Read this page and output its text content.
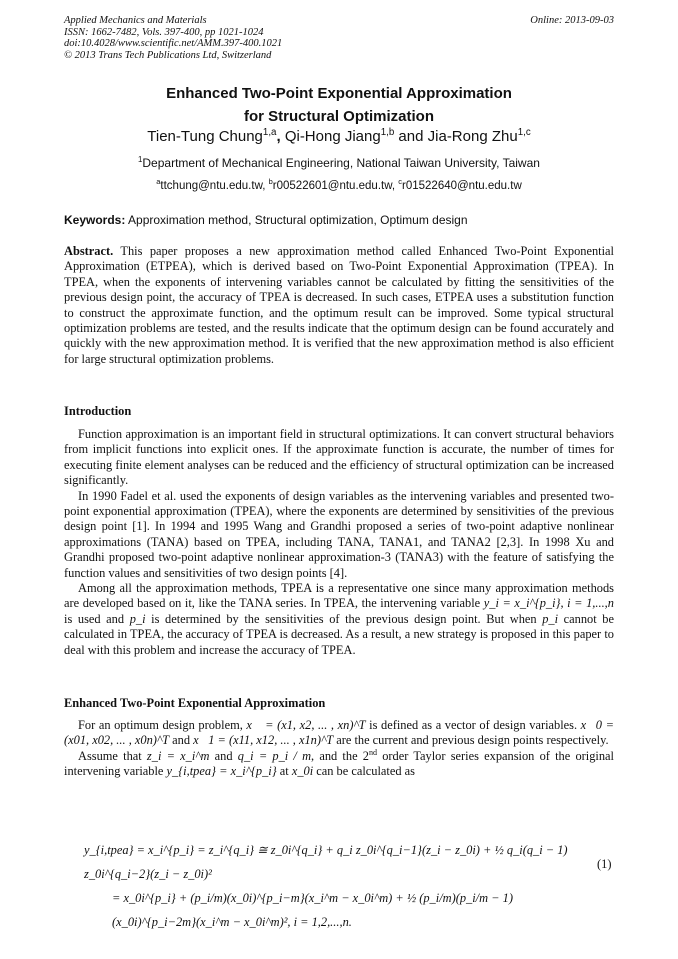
Applied Mechanics and Materials
ISSN: 1662-7482, Vols. 397-400, pp 1021-1024
doi:10.4028/www.scientific.net/AMM.397-400.1021
© 2013 Trans Tech Publications Ltd, Switzerland
Online: 2013-09-03
Enhanced Two-Point Exponential Approximation
for Structural Optimization
Tien-Tung Chung$^{1,a}$, Qi-Hong Jiang$^{1,b}$ and Jia-Rong Zhu$^{1,c}$
$^1$Department of Mechanical Engineering, National Taiwan University, Taiwan
$^a$ttchung@ntu.edu.tw, $^b$r00522601@ntu.edu.tw, $^c$r01522640@ntu.edu.tw
Keywords: Approximation method, Structural optimization, Optimum design

Abstract. This paper proposes a new approximation method called Enhanced Two-Point Exponential Approximation (ETPEA), which is derived based on Two-Point Exponential Approximation (TPEA). In TPEA, when the exponents of intervening variables cannot be calculated by fitting the sensitivities of the previous design point, the accuracy of TPEA is decreased. In such cases, ETPEA uses a substitution function to construct the approximate function, and the optimum result can be improved. Some typical structural optimization problems are tested, and the results indicate that the optimum design can be found accurately and quickly with the new approximation method. It is verified that the new approximation method is also efficient for large structural optimization problems.

Introduction

Function approximation is an important field in structural optimizations. It can convert structural behaviors from implicit functions into explicit ones. If the approximate function is accurate, the number of times for executing finite element analyses can be reduced and the efficiency of structural optimization can be increased significantly.

In 1990 Fadel et al. used the exponents of design variables as the intervening variables and presented two-point exponential approximation (TPEA), where the exponents are determined by sensitivities of the previous design point [1]. In 1994 and 1995 Wang and Grandhi proposed a series of two-point adaptive nonlinear approximations (TANA) based on TPEA, including TANA, TANA1, and TANA2 [2,3]. In 1998 Xu and Grandhi proposed two-point adaptive nonlinear approximation-3 (TANA3) with the feature of satisfying the function values and sensitivities of two design points [4].

Among all the approximation methods, TPEA is a representative one since many approximation methods are developed based on it, like the TANA series. In TPEA, the intervening variable y_i = x_i^{p_i}, i = 1,...,n is used and p_i is determined by the sensitivities of the previous design point. But when p_i cannot be calculated in TPEA, the accuracy of TPEA is decreased. As a result, a new strategy is proposed in this paper to deal with this problem and increase the accuracy of TPEA.

Enhanced Two-Point Exponential Approximation

For an optimum design problem, x⃗ = (x1, x2, ... , xn)^T is defined as a vector of design variables. x⃗0 = (x01, x02, ... , x0n)^T and x⃗1 = (x11, x12, ... , x1n)^T are the current and previous design points respectively.

Assume that z_i = x_i^m and q_i = p_i / m, and the 2nd order Taylor series expansion of the original intervening variable y_{i,tpea} = x_i^{p_i} at x_0i can be calculated as

y_{i,tpea} = x_i^{p_i} = z_i^{q_i} ≅ z_0i^{q_i} + q_i z_0i^{q_i−1}(z_i − z_0i) + ½ q_i(q_i − 1) z_0i^{q_i−2}(z_i − z_0i)²
= x_0i^{p_i} + (p_i/m)(x_0i)^{p_i−m}(x_i^m − x_0i^m) + ½ (p_i/m)(p_i/m − 1)(x_0i)^{p_i−2m}(x_i^m − x_0i^m)², i = 1,2,...,n.
(1)
